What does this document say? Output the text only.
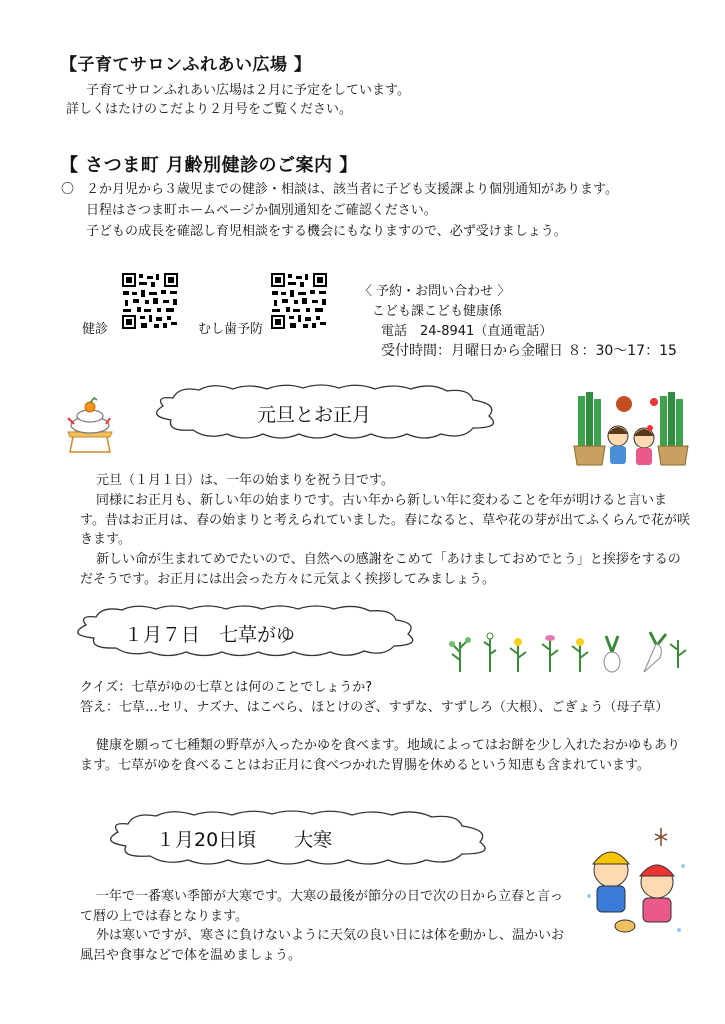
【子育てサロンふれあい広場 】
子育てサロンふれあい広場は２月に予定をしています。
詳しくはたけのこだより２月号をご覧ください。
【 さつま町 月齢別健診のご案内 】
〇 ２か月児から３歳児までの健診・相談は、該当者に子ども支援課より個別通知があります。
日程はさつま町ホームページか個別通知をご確認ください。
子どもの成長を確認し育児相談をする機会にもなりますので、必ず受けましょう。
健診	むし歯予防
〈 予約・お問い合わせ 〉
こども課こども健康係
電話　24-8941（直通電話）
受付時間：月曜日から金曜日 ８：30～17：15
元旦とお正月
元旦（１月１日）は、一年の始まりを祝う日です。
同様にお正月も、新しい年の始まりです。古い年から新しい年に変わることを年が明けると言います。昔はお正月は、春の始まりと考えられていました。春になると、草や花の芽が出てふくらんで花が咲きます。
新しい命が生まれてめでたいので、自然への感謝をこめて「あけましておめでとう」と挨拶をするのだそうです。お正月には出会った方々に元気よく挨拶してみましょう。
１月７日　七草がゆ
クイズ：七草がゆの七草とは何のことでしょうか?
答え：七草…セリ、ナズナ、はこべら、ほとけのざ、すずな、すずしろ（大根）、ごぎょう（母子草）
健康を願って七種類の野草が入ったかゆを食べます。地域によってはお餅を少し入れたおかゆもあります。七草がゆを食べることはお正月に食べつかれた胃腸を休めるという知恵も含まれています。
１月20日頃　　大寒
一年で一番寒い季節が大寒です。大寒の最後が節分の日で次の日から立春と言って暦の上では春となります。
外は寒いですが、寒さに負けないように天気の良い日には体を動かし、温かいお風呂や食事などで体を温めましょう。
